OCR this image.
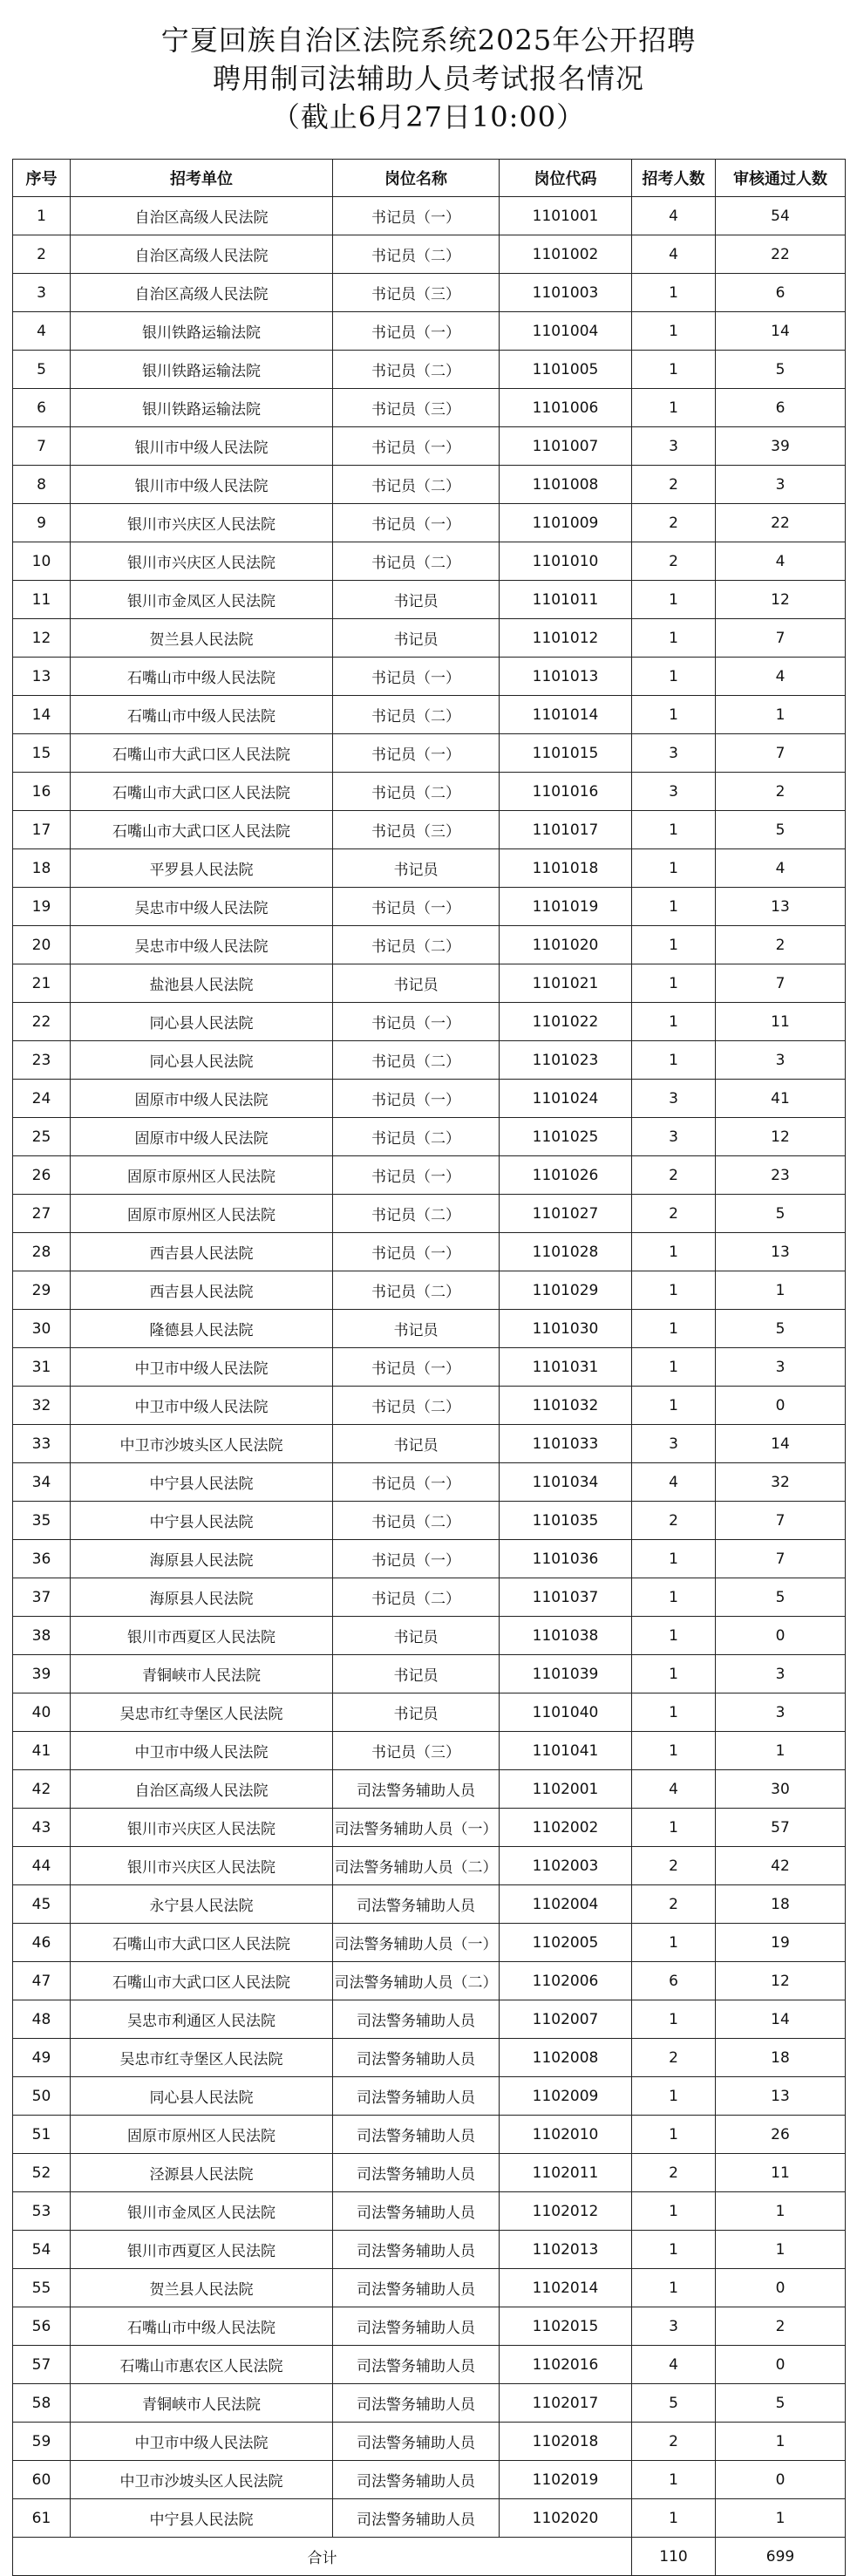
宁夏回族自治区法院系统2025年公开招聘
聘用制司法辅助人员考试报名情况
（截止6月27日10:00）
序号	招考单位	岗位名称	岗位代码	招考人数	审核通过人数
1	自治区高级人民法院	书记员（一）	1101001	4	54
2	自治区高级人民法院	书记员（二）	1101002	4	22
3	自治区高级人民法院	书记员（三）	1101003	1	6
4	银川铁路运输法院	书记员（一）	1101004	1	14
5	银川铁路运输法院	书记员（二）	1101005	1	5
6	银川铁路运输法院	书记员（三）	1101006	1	6
7	银川市中级人民法院	书记员（一）	1101007	3	39
8	银川市中级人民法院	书记员（二）	1101008	2	3
9	银川市兴庆区人民法院	书记员（一）	1101009	2	22
10	银川市兴庆区人民法院	书记员（二）	1101010	2	4
11	银川市金凤区人民法院	书记员	1101011	1	12
12	贺兰县人民法院	书记员	1101012	1	7
13	石嘴山市中级人民法院	书记员（一）	1101013	1	4
14	石嘴山市中级人民法院	书记员（二）	1101014	1	1
15	石嘴山市大武口区人民法院	书记员（一）	1101015	3	7
16	石嘴山市大武口区人民法院	书记员（二）	1101016	3	2
17	石嘴山市大武口区人民法院	书记员（三）	1101017	1	5
18	平罗县人民法院	书记员	1101018	1	4
19	吴忠市中级人民法院	书记员（一）	1101019	1	13
20	吴忠市中级人民法院	书记员（二）	1101020	1	2
21	盐池县人民法院	书记员	1101021	1	7
22	同心县人民法院	书记员（一）	1101022	1	11
23	同心县人民法院	书记员（二）	1101023	1	3
24	固原市中级人民法院	书记员（一）	1101024	3	41
25	固原市中级人民法院	书记员（二）	1101025	3	12
26	固原市原州区人民法院	书记员（一）	1101026	2	23
27	固原市原州区人民法院	书记员（二）	1101027	2	5
28	西吉县人民法院	书记员（一）	1101028	1	13
29	西吉县人民法院	书记员（二）	1101029	1	1
30	隆德县人民法院	书记员	1101030	1	5
31	中卫市中级人民法院	书记员（一）	1101031	1	3
32	中卫市中级人民法院	书记员（二）	1101032	1	0
33	中卫市沙坡头区人民法院	书记员	1101033	3	14
34	中宁县人民法院	书记员（一）	1101034	4	32
35	中宁县人民法院	书记员（二）	1101035	2	7
36	海原县人民法院	书记员（一）	1101036	1	7
37	海原县人民法院	书记员（二）	1101037	1	5
38	银川市西夏区人民法院	书记员	1101038	1	0
39	青铜峡市人民法院	书记员	1101039	1	3
40	吴忠市红寺堡区人民法院	书记员	1101040	1	3
41	中卫市中级人民法院	书记员（三）	1101041	1	1
42	自治区高级人民法院	司法警务辅助人员	1102001	4	30
43	银川市兴庆区人民法院	司法警务辅助人员（一）	1102002	1	57
44	银川市兴庆区人民法院	司法警务辅助人员（二）	1102003	2	42
45	永宁县人民法院	司法警务辅助人员	1102004	2	18
46	石嘴山市大武口区人民法院	司法警务辅助人员（一）	1102005	1	19
47	石嘴山市大武口区人民法院	司法警务辅助人员（二）	1102006	6	12
48	吴忠市利通区人民法院	司法警务辅助人员	1102007	1	14
49	吴忠市红寺堡区人民法院	司法警务辅助人员	1102008	2	18
50	同心县人民法院	司法警务辅助人员	1102009	1	13
51	固原市原州区人民法院	司法警务辅助人员	1102010	1	26
52	泾源县人民法院	司法警务辅助人员	1102011	2	11
53	银川市金凤区人民法院	司法警务辅助人员	1102012	1	1
54	银川市西夏区人民法院	司法警务辅助人员	1102013	1	1
55	贺兰县人民法院	司法警务辅助人员	1102014	1	0
56	石嘴山市中级人民法院	司法警务辅助人员	1102015	3	2
57	石嘴山市惠农区人民法院	司法警务辅助人员	1102016	4	0
58	青铜峡市人民法院	司法警务辅助人员	1102017	5	5
59	中卫市中级人民法院	司法警务辅助人员	1102018	2	1
60	中卫市沙坡头区人民法院	司法警务辅助人员	1102019	1	0
61	中宁县人民法院	司法警务辅助人员	1102020	1	1
合计				110	699
